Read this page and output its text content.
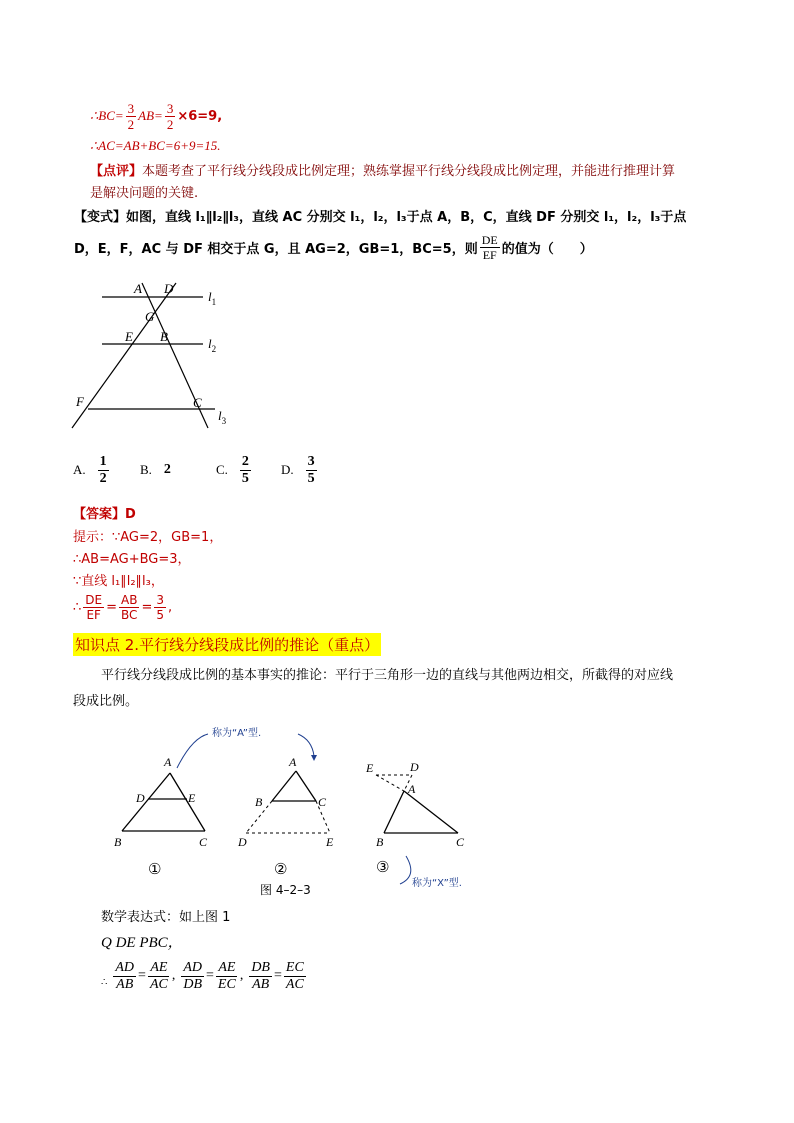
∴BC= $\frac{3}{2} AB= \frac{3}{2} \times 6=9$,
∴AC=AB+BC=6+9=15.
【点评】本题考查了平行线分线段成比例定理；熟练掌握平行线分线段成比例定理，并能进行推理计算
是解决问题的关键.
【变式】如图，直线 l₁∥l₂∥l₃，直线 AC 分别交 l₁，l₂，l₃于点 A，B，C，直线 DF 分别交 l₁，l₂，l₃于点
D，E，F，AC 与 DF 相交于点 G，且 AG=2，GB=1，BC=5，则 $\frac{DE}{EF}$ 的值为（　　）
A D
G
E B
F	C
$l_1$
$l_2$
$l_3$
A. $\frac{1}{2} B$. 2	C. $\frac{2}{5} D$. $\frac{3}{5}$
【答案】D
提示：∵AG=2，GB=1，
∴AB=AG+BG=3，
∵直线 l₁∥l₂∥l₃，
∴ $\frac{DE}{EF} = \frac{AB}{BC} = \frac{3}{5}$ ,
知识点 2.平行线分线段成比例的推论（重点）
平行线分线段成比例的基本事实的推论：平行于三角形一边的直线与其他两边相交，所截得的对应线
段成比例。
A
D	E
B	C
①
A
B	C
D	E
②
E	D
A
B	C
③
称为“A”型.
称为“X”型.
图 4–2–3
数学表达式：如上图 1
Q DE PBC，
∴ $\frac{AD}{AB} = \frac{AE}{AC}$ , $\frac{AD}{DB} = \frac{AE}{EC}$ , $\frac{DB}{AB} = \frac{EC}{AC}$
